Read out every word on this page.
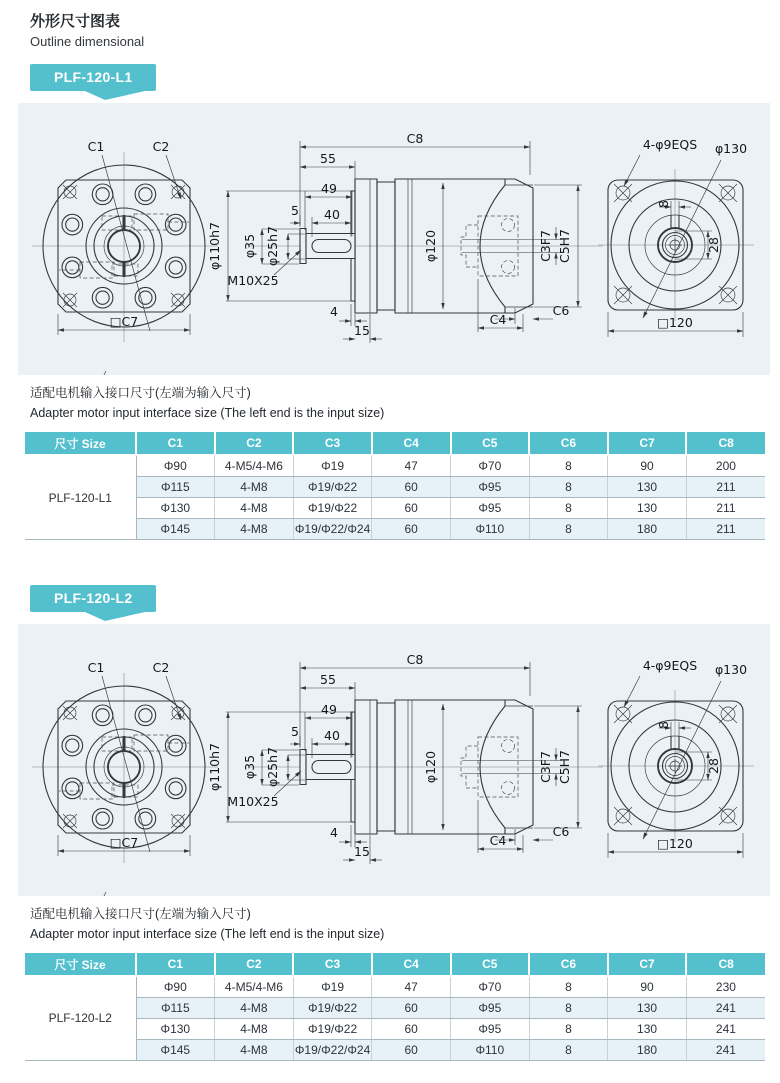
外形尺寸图表
Outline dimensional
PLF-120-L1
C1	C2
□C7
φ110h7
C8
55
49
40
5
φ35 φ25h7
M10X25
φ120
4
15
C4
C6
C3F7 C5H7
8
28
4-φ9EQS φ130
□120

适配电机输入接口尺寸(左端为输入尺寸)

Adapter motor input interface size (The left end is the input size)

尺寸 Size	C1	C2	C3	C4	C5	C6	C7	C8
PLF-120-L1	Φ90	4-M5/4-M6	Φ19	47	Φ70	8	90	200
	Φ115	4-M8	Φ19/Φ22	60	Φ95	8	130	211
	Φ130	4-M8	Φ19/Φ22	60	Φ95	8	130	211
	Φ145	4-M8	Φ19/Φ22/Φ24	60	Φ110	8	180	211
PLF-120-L2
C1	C2
□C7
φ110h7
C8
55
49
40
5
φ35 φ25h7
M10X25
φ120
4
15
C4
C6
C3F7 C5H7
8
28
4-φ9EQS φ130
□120

适配电机输入接口尺寸(左端为输入尺寸)

Adapter motor input interface size (The left end is the input size)

尺寸 Size	C1	C2	C3	C4	C5	C6	C7	C8
PLF-120-L2	Φ90	4-M5/4-M6	Φ19	47	Φ70	8	90	230
	Φ115	4-M8	Φ19/Φ22	60	Φ95	8	130	241
	Φ130	4-M8	Φ19/Φ22	60	Φ95	8	130	241
	Φ145	4-M8	Φ19/Φ22/Φ24	60	Φ110	8	180	241
